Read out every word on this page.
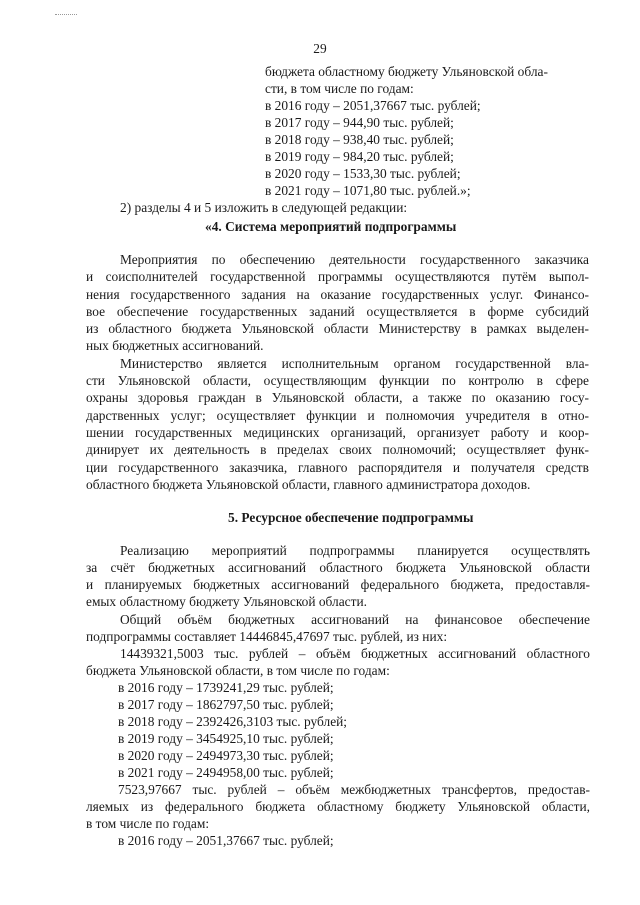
29
бюджета областному бюджету Ульяновской обла-
сти, в том числе по годам:
в 2016 году – 2051,37667 тыс. рублей;
в 2017 году – 944,90 тыс. рублей;
в 2018 году – 938,40 тыс. рублей;
в 2019 году – 984,20 тыс. рублей;
в 2020 году – 1533,30 тыс. рублей;
в 2021 году – 1071,80 тыс. рублей.»;
2) разделы 4 и 5 изложить в следующей редакции:
«4. Система мероприятий подпрограммы
Мероприятия по обеспечению деятельности государственного заказчика
и соисполнителей государственной программы осуществляются путём выпол-
нения государственного задания на оказание государственных услуг. Финансо-
вое обеспечение государственных заданий осуществляется в форме субсидий
из областного бюджета Ульяновской области Министерству в рамках выделен-
ных бюджетных ассигнований.
Министерство является исполнительным органом государственной вла-
сти Ульяновской области, осуществляющим функции по контролю в сфере
охраны здоровья граждан в Ульяновской области, а также по оказанию госу-
дарственных услуг; осуществляет функции и полномочия учредителя в отно-
шении государственных медицинских организаций, организует работу и коор-
динирует их деятельность в пределах своих полномочий; осуществляет функ-
ции государственного заказчика, главного распорядителя и получателя средств
областного бюджета Ульяновской области, главного администратора доходов.
5. Ресурсное обеспечение подпрограммы
Реализацию мероприятий подпрограммы планируется осуществлять
за счёт бюджетных ассигнований областного бюджета Ульяновской области
и планируемых бюджетных ассигнований федерального бюджета, предоставля-
емых областному бюджету Ульяновской области.
Общий объём бюджетных ассигнований на финансовое обеспечение
подпрограммы составляет 14446845,47697 тыс. рублей, из них:
14439321,5003 тыс. рублей – объём бюджетных ассигнований областного
бюджета Ульяновской области, в том числе по годам:
в 2016 году – 1739241,29 тыс. рублей;
в 2017 году – 1862797,50 тыс. рублей;
в 2018 году – 2392426,3103 тыс. рублей;
в 2019 году – 3454925,10 тыс. рублей;
в 2020 году – 2494973,30 тыс. рублей;
в 2021 году – 2494958,00 тыс. рублей;
7523,97667 тыс. рублей – объём межбюджетных трансфертов, предостав-
ляемых из федерального бюджета областному бюджету Ульяновской области,
в том числе по годам:
в 2016 году – 2051,37667 тыс. рублей;
